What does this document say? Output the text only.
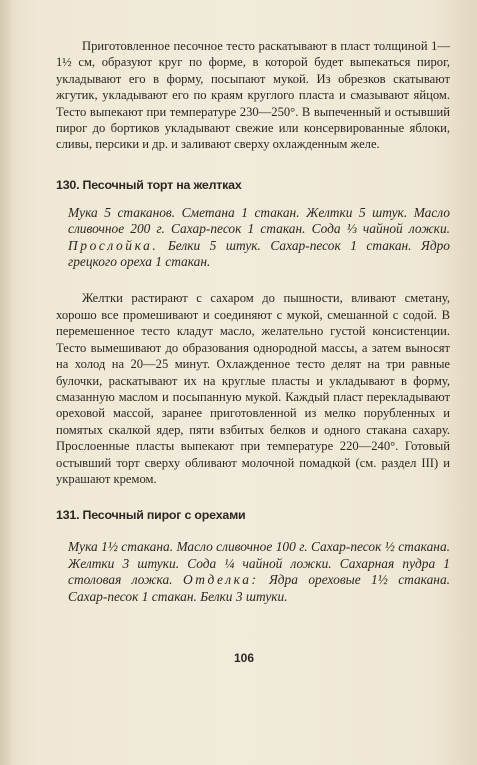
Приготовленное песочное тесто раскатывают в пласт толщиной 1—1½ см, образуют круг по форме, в которой будет выпекаться пирог, укладывают его в форму, посыпают мукой. Из обрезков скатывают жгутик, укладывают его по краям круглого пласта и смазывают яйцом. Тесто выпекают при температуре 230—250°. В выпеченный и остывший пирог до бортиков укладывают свежие или консервированные яблоки, сливы, персики и др. и заливают сверху охлажденным желе.

130. Песочный торт на желтках

Мука 5 стаканов. Сметана 1 стакан. Желтки 5 штук. Масло сливочное 200 г. Сахар-песок 1 стакан. Сода ⅓ чайной ложки. Прослойка. Белки 5 штук. Сахар-песок 1 стакан. Ядро грецкого ореха 1 стакан.

Желтки растирают с сахаром до пышности, вливают сметану, хорошо все промешивают и соединяют с мукой, смешанной с содой. В перемешенное тесто кладут масло, желательно густой консистенции. Тесто вымешивают до образования однородной массы, а затем выносят на холод на 20—25 минут. Охлажденное тесто делят на три равные булочки, раскатывают их на круглые пласты и укладывают в форму, смазанную маслом и посыпанную мукой. Каждый пласт перекладывают ореховой массой, заранее приготовленной из мелко порубленных и помятых скалкой ядер, пяти взбитых белков и одного стакана сахару. Прослоенные пласты выпекают при температуре 220—240°. Готовый остывший торт сверху обливают молочной помадкой (см. раздел III) и украшают кремом.

131. Песочный пирог с орехами

Мука 1½ стакана. Масло сливочное 100 г. Сахар-песок ½ стакана. Желтки 3 штуки. Сода ¼ чайной ложки. Сахарная пудра 1 столовая ложка. Отделка: Ядра ореховые 1½ стакана. Сахар-песок 1 стакан. Белки 3 штуки.

106
